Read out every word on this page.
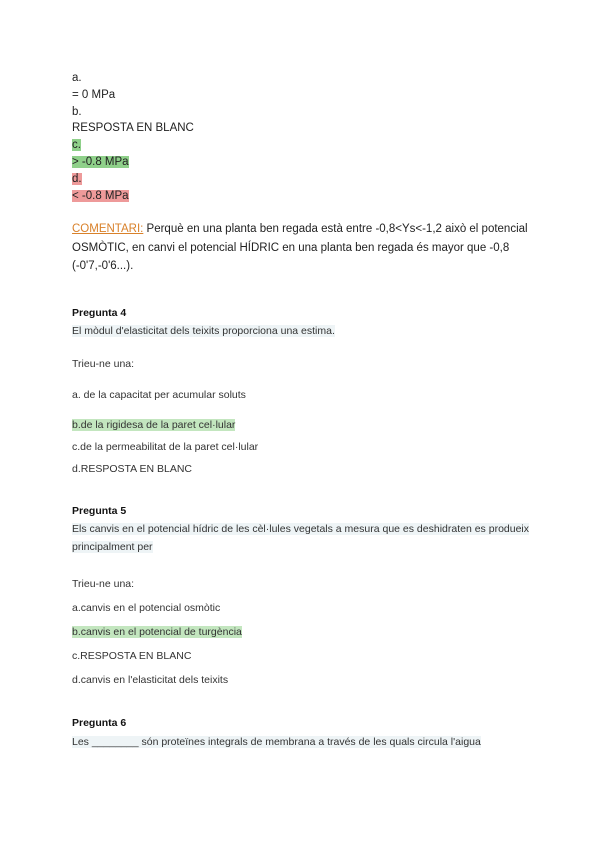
a.
= 0 MPa
b.
RESPOSTA EN BLANC
c.
> -0.8 MPa
d.
< -0.8 MPa
COMENTARI: Perquè en una planta ben regada està entre -0,8<Ys<-1,2 això el potencial OSMÒTIC, en canvi el potencial HÍDRIC en una planta ben regada és mayor que -0,8 (-0'7,-0'6...).
Pregunta 4
El mòdul d'elasticitat dels teixits proporciona una estima.
Trieu-ne una:
a. de la capacitat per acumular soluts
b.de la rigidesa de la paret cel·lular
c.de la permeabilitat de la paret cel·lular
d.RESPOSTA EN BLANC
Pregunta 5
Els canvis en el potencial hídric de les cèl·lules vegetals a mesura que es deshidraten es produeix principalment per
Trieu-ne una:
a.canvis en el potencial osmòtic
b.canvis en el potencial de turgència
c.RESPOSTA EN BLANC
d.canvis en l'elasticitat dels teixits
Pregunta 6
Les ________ són proteïnes integrals de membrana a través de les quals circula l'aigua
